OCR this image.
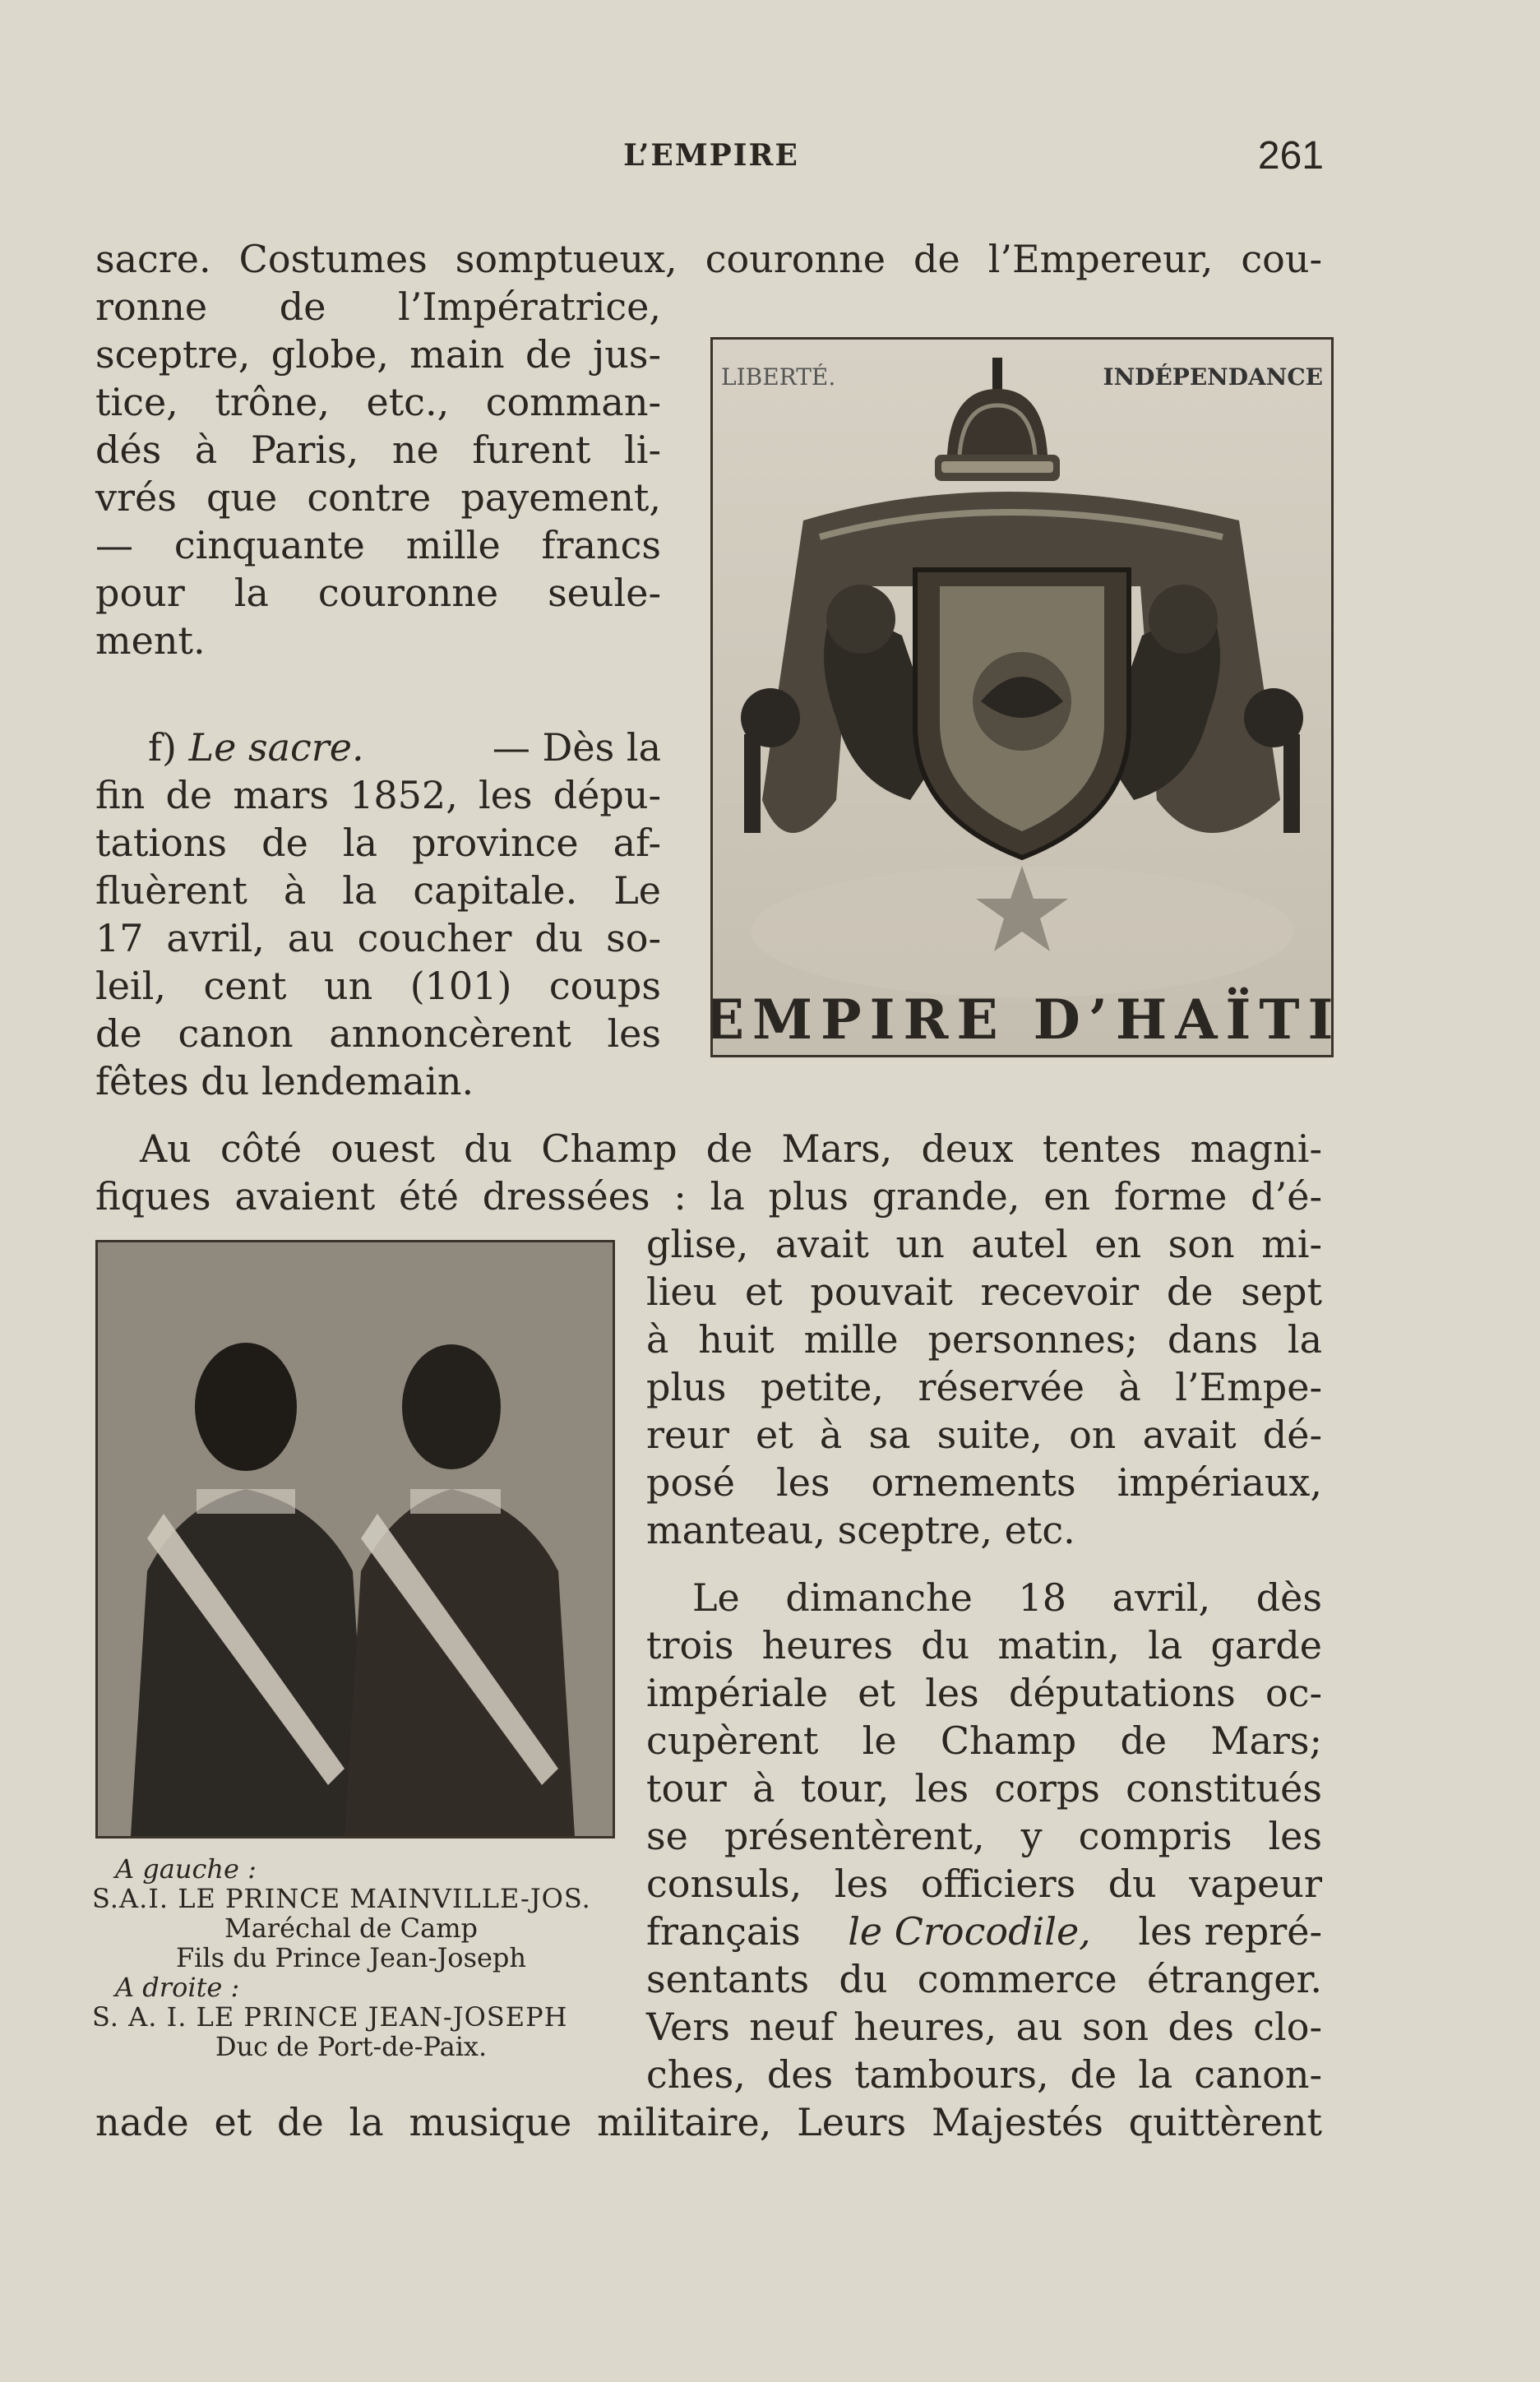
L’EMPIRE	261
sacre. Costumes somptueux, couronne de l’Empereur, cou-
ronne de l’Impératrice,
sceptre, globe, main de jus-
tice, trône, etc., comman-
dés à Paris, ne furent li-
vrés que contre payement,
— cinquante mille francs
pour la couronne seule-
ment.
f) Le sacre.	— Dès la
fin de mars 1852, les dépu-
tations de la province af-
fluèrent à la capitale. Le
17 avril, au coucher du so-
leil, cent un (101) coups
de canon annoncèrent les
fêtes du lendemain.
LIBERTÉ.	INDÉPENDANCE
EMPIRE D’HAÏTI
Au côté ouest du Champ de Mars, deux tentes magni-
fiques avaient été dressées : la plus grande, en forme d’é-
glise, avait un autel en son mi-
lieu et pouvait recevoir de sept
à huit mille personnes; dans la
plus petite, réservée à l’Empe-
reur et à sa suite, on avait dé-
posé les ornements impériaux,
manteau, sceptre, etc.
A gauche :
S.A.I. LE PRINCE MAINVILLE-JOS.
Maréchal de Camp
Fils du Prince Jean-Joseph
A droite :
S. A. I. LE PRINCE JEAN-JOSEPH
Duc de Port-de-Paix.
Le dimanche 18 avril, dès
trois heures du matin, la garde
impériale et les députations oc-
cupèrent le Champ de Mars;
tour à tour, les corps constitués
se présentèrent, y compris les
consuls, les officiers du vapeur
français le Crocodile, les repré-
sentants du commerce étranger.
Vers neuf heures, au son des clo-
ches, des tambours, de la canon-
nade et de la musique militaire, Leurs Majestés quittèrent
